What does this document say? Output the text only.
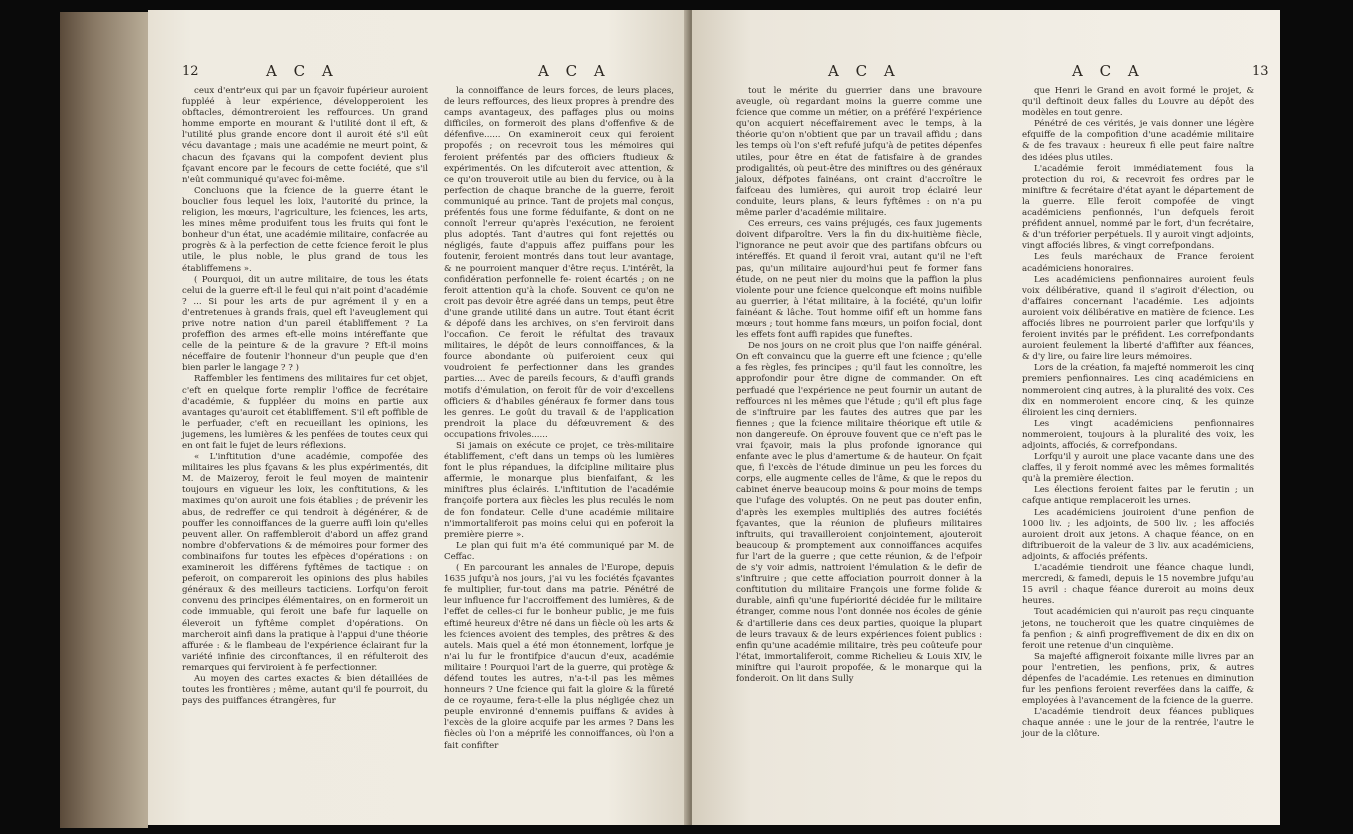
12	A C A	A C A

ceux d'entr'eux qui par un fçavoir fupérieur auroient fuppléé à leur expérience, développeroient les obftacles, démontreroient les reffources. Un grand homme emporte en mourant & l'utilité dont il eft, & l'utilité plus grande encore dont il auroit été s'il eût vécu davantage ; mais une académie ne meurt point, & chacun des fçavans qui la compofent devient plus fçavant encore par le fecours de cette fociété, que s'il n'eût communiqué qu'avec foi-même.

Concluons que la fcience de la guerre étant le bouclier fous lequel les loix, l'autorité du prince, la religion, les mœurs, l'agriculture, les fciences, les arts, les mines même produifent tous les fruits qui font le bonheur d'un état, une académie militaire, confacrée au progrès & à la perfection de cette fcience feroit le plus utile, le plus noble, le plus grand de tous les établiffemens ».

( Pourquoi, dit un autre militaire, de tous les états celui de la guerre eft-il le feul qui n'ait point d'académie ? ... Si pour les arts de pur agrément il y en a d'entretenues à grands frais, quel eft l'aveuglement qui prive notre nation d'un pareil établiffement ? La profeffion des armes eft-elle moins intéreffante que celle de la peinture & de la gravure ? Eft-il moins néceffaire de foutenir l'honneur d'un peuple que d'en bien parler le langage ? ? )

Raffembler les fentimens des militaires fur cet objet, c'eft en quelque forte remplir l'office de fecrétaire d'académie, & fuppléer du moins en partie aux avantages qu'auroit cet établiffement. S'il eft poffible de le perfuader, c'eft en recueillant les opinions, les jugemens, les lumières & les penfées de toutes ceux qui en ont fait le fujet de leurs réflexions.

« L'inftitution d'une académie, compofée des militaires les plus fçavans & les plus expérimentés, dit M. de Maizeroy, feroit le feul moyen de maintenir toujours en vigueur les loix, les conftitutions, & les maximes qu'on auroit une fois établies ; de prévenir les abus, de redreffer ce qui tendroit à dégénérer, & de pouffer les connoiffances de la guerre auffi loin qu'elles peuvent aller. On raffembleroit d'abord un affez grand nombre d'obfervations & de mémoires pour former des combinaifons fur toutes les efpèces d'opérations : on examineroit les différens fyftêmes de tactique : on peferoit, on compareroit les opinions des plus habiles généraux & des meilleurs tacticiens. Lorfqu'on feroit convenu des principes élémentaires, on en formeroit un code immuable, qui feroit une bafe fur laquelle on éleveroit un fyftême complet d'opérations. On marcheroit ainfi dans la pratique à l'appui d'une théorie affurée : & le flambeau de l'expérience éclairant fur la variété infinie des circonftances, il en réfulteroit des remarques qui ferviroient à fe perfectionner.

Au moyen des cartes exactes & bien détaillées de toutes les frontières ; même, autant qu'il fe pourroit, du pays des puiffances étrangères, fur

la connoiffance de leurs forces, de leurs places, de leurs reffources, des lieux propres à prendre des camps avantageux, des paffages plus ou moins difficiles, on formeroit des plans d'offenfive & de défenfive...... On examineroit ceux qui feroient propofés ; on recevroit tous les mémoires qui feroient préfentés par des officiers ftudieux & expérimentés. On les difcuteroit avec attention, & ce qu'on trouveroit utile au bien du fervice, ou à la perfection de chaque branche de la guerre, feroit communiqué au prince. Tant de projets mal conçus, préfentés fous une forme féduifante, & dont on ne connoît l'erreur qu'après l'exécution, ne feroient plus adoptés. Tant d'autres qui font rejettés ou négligés, faute d'appuis affez puiffans pour les foutenir, feroient montrés dans tout leur avantage, & ne pourroient manquer d'être reçus. L'intérêt, la confidération perfonnelle fe- roient écartés ; on ne feroit attention qu'à la chofe. Souvent ce qu'on ne croit pas devoir être agréé dans un temps, peut être d'une grande utilité dans un autre. Tout étant écrit & dépofé dans les archives, on s'en ferviroit dans l'occafion. Ce feroit le réfultat des travaux militaires, le dépôt de leurs connoiffances, & la fource abondante où puiferoient ceux qui voudroient fe perfectionner dans les grandes parties.... Avec de pareils fecours, & d'auffi grands motifs d'émulation, on feroit fûr de voir d'excellens officiers & d'habiles généraux fe former dans tous les genres. Le goût du travail & de l'application prendroit la place du défœuvrement & des occupations frivoles......

Si jamais on exécute ce projet, ce très-militaire établiffement, c'eft dans un temps où les lumières font le plus répandues, la difcipline militaire plus affermie, le monarque plus bienfaifant, & les miniftres plus éclairés. L'inftitution de l'académie françoife portera aux fiècles les plus reculés le nom de fon fondateur. Celle d'une académie militaire n'immortaliferoit pas moins celui qui en poferoit la première pierre ».

Le plan qui fuit m'a été communiqué par M. de Ceffac.

( En parcourant les annales de l'Europe, depuis 1635 jufqu'à nos jours, j'ai vu les fociétés fçavantes fe multiplier, fur-tout dans ma patrie. Pénétré de leur influence fur l'accroiffement des lumières, & de l'effet de celles-ci fur le bonheur public, je me fuis eftimé heureux d'être né dans un fiècle où les arts & les fciences avoient des temples, des prêtres & des autels. Mais quel a été mon étonnement, lorfque je n'ai lu fur le frontifpice d'aucun d'eux, académie militaire ! Pourquoi l'art de la guerre, qui protège & défend toutes les autres, n'a-t-il pas les mêmes honneurs ? Une fcience qui fait la gloire & la fûreté de ce royaume, fera-t-elle la plus négligée chez un peuple environné d'ennemis puiffans & avides à l'excès de la gloire acquife par les armes ? Dans les fiècles où l'on a méprifé les connoiffances, où l'on a fait confifter

A C A	A C A	13

tout le mérite du guerrier dans une bravoure aveugle, où regardant moins la guerre comme une fcience que comme un métier, on a préféré l'expérience qu'on acquiert néceffairement avec le temps, à la théorie qu'on n'obtient que par un travail affidu ; dans les temps où l'on s'eft refufé jufqu'à de petites dépenfes utiles, pour être en état de fatisfaire à de grandes prodigalités, où peut-être des miniftres ou des généraux jaloux, défpotes fainéans, ont craint d'accroître le faifceau des lumières, qui auroit trop éclairé leur conduite, leurs plans, & leurs fyftêmes : on n'a pu même parler d'académie militaire.

Ces erreurs, ces vains préjugés, ces faux jugements doivent difparoître. Vers la fin du dix-huitième fiècle, l'ignorance ne peut avoir que des partifans obfcurs ou intéreffés. Et quand il feroit vrai, autant qu'il ne l'eft pas, qu'un militaire aujourd'hui peut fe former fans étude, on ne peut nier du moins que la paffion la plus violente pour une fcience quelconque eft moins nuifible au guerrier, à l'état militaire, à la fociété, qu'un loifir fainéant & lâche. Tout homme oifif eft un homme fans mœurs ; tout homme fans mœurs, un poifon focial, dont les effets font auffi rapides que funeftes.

De nos jours on ne croit plus que l'on naiffe général. On eft convaincu que la guerre eft une fcience ; qu'elle a fes règles, fes principes ; qu'il faut les connoître, les approfondir pour être digne de commander. On eft perfuadé que l'expérience ne peut fournir un autant de reffources ni les mêmes que l'étude ; qu'il eft plus fage de s'inftruire par les fautes des autres que par les fiennes ; que la fcience militaire théorique eft utile & non dangereufe. On éprouve fouvent que ce n'eft pas le vrai fçavoir, mais la plus profonde ignorance qui enfante avec le plus d'amertume & de hauteur. On fçait que, fi l'excès de l'étude diminue un peu les forces du corps, elle augmente celles de l'âme, & que le repos du cabinet énerve beaucoup moins & pour moins de temps que l'ufage des voluptés. On ne peut pas douter enfin, d'après les exemples multipliés des autres fociétés fçavantes, que la réunion de plufieurs militaires inftruits, qui travailleroient conjointement, ajouteroit beaucoup & promptement aux connoiffances acquifes fur l'art de la guerre ; que cette réunion, & de l'efpoir de s'y voir admis, nattroient l'émulation & le defir de s'inftruire ; que cette affociation pourroit donner à la conftitution du militaire François une forme folide & durable, ainfi qu'une fupériorité décidée fur le militaire étranger, comme nous l'ont donnée nos écoles de génie & d'artillerie dans ces deux parties, quoique la plupart de leurs travaux & de leurs expériences foient publics : enfin qu'une académie militaire, très peu coûteufe pour l'état, immortaliferoit, comme Richelieu & Louis XIV, le miniftre qui l'auroit propofée, & le monarque qui la fonderoit. On lit dans Sully

que Henri le Grand en avoit formé le projet, & qu'il deftinoit deux falles du Louvre au dépôt des modèles en tout genre.

Pénétré de ces vérités, je vais donner une légère efquiffe de la compofition d'une académie militaire & de fes travaux : heureux fi elle peut faire naître des idées plus utiles.

L'académie feroit immédiatement fous la protection du roi, & recevroit fes ordres par le miniftre & fecrétaire d'état ayant le département de la guerre. Elle feroit compofée de vingt académiciens penfionnés, l'un defquels feroit préfident annuel, nommé par le fort, d'un fecrétaire, & d'un tréforier perpétuels. Il y auroit vingt adjoints, vingt affociés libres, & vingt correfpondans.

Les feuls maréchaux de France feroient académiciens honoraires.

Les académiciens penfionnaires auroient feuls voix délibérative, quand il s'agiroit d'élection, ou d'affaires concernant l'académie. Les adjoints auroient voix délibérative en matière de fcience. Les affociés libres ne pourroient parler que lorfqu'ils y feroient invités par le préfident. Les correfpondants auroient feulement la liberté d'affifter aux féances, & d'y lire, ou faire lire leurs mémoires.

Lors de la création, fa majefté nommeroit les cinq premiers penfionnaires. Les cinq académiciens en nommeroient cinq autres, à la pluralité des voix. Ces dix en nommeroient encore cinq, & les quinze éliroient les cinq derniers.

Les vingt académiciens penfionnaires nommeroient, toujours à la pluralité des voix, les adjoints, affociés, & correfpondans.

Lorfqu'il y auroit une place vacante dans une des claffes, il y feroit nommé avec les mêmes formalités qu'à la première élection.

Les élections feroient faites par le ferutin ; un cafque antique remplaceroit les urnes.

Les académiciens jouiroient d'une penfion de 1000 liv. ; les adjoints, de 500 liv. ; les affociés auroient droit aux jetons. A chaque féance, on en diftribueroit de la valeur de 3 liv. aux académiciens, adjoints, & affociés préfents.

L'académie tiendroit une féance chaque lundi, mercredi, & famedi, depuis le 15 novembre jufqu'au 15 avril : chaque féance dureroit au moins deux heures.

Tout académicien qui n'auroit pas reçu cinquante jetons, ne toucheroit que les quatre cinquièmes de fa penfion ; & ainfi progreffivement de dix en dix on feroit une retenue d'un cinquième.

Sa majefté affigneroit foixante mille livres par an pour l'entretien, les penfions, prix, & autres dépenfes de l'académie. Les retenues en diminution fur les penfions feroient reverfées dans la caiffe, & employées à l'avancement de la fcience de la guerre.

L'académie tiendroit deux féances publiques chaque année : une le jour de la rentrée, l'autre le jour de la clôture.
